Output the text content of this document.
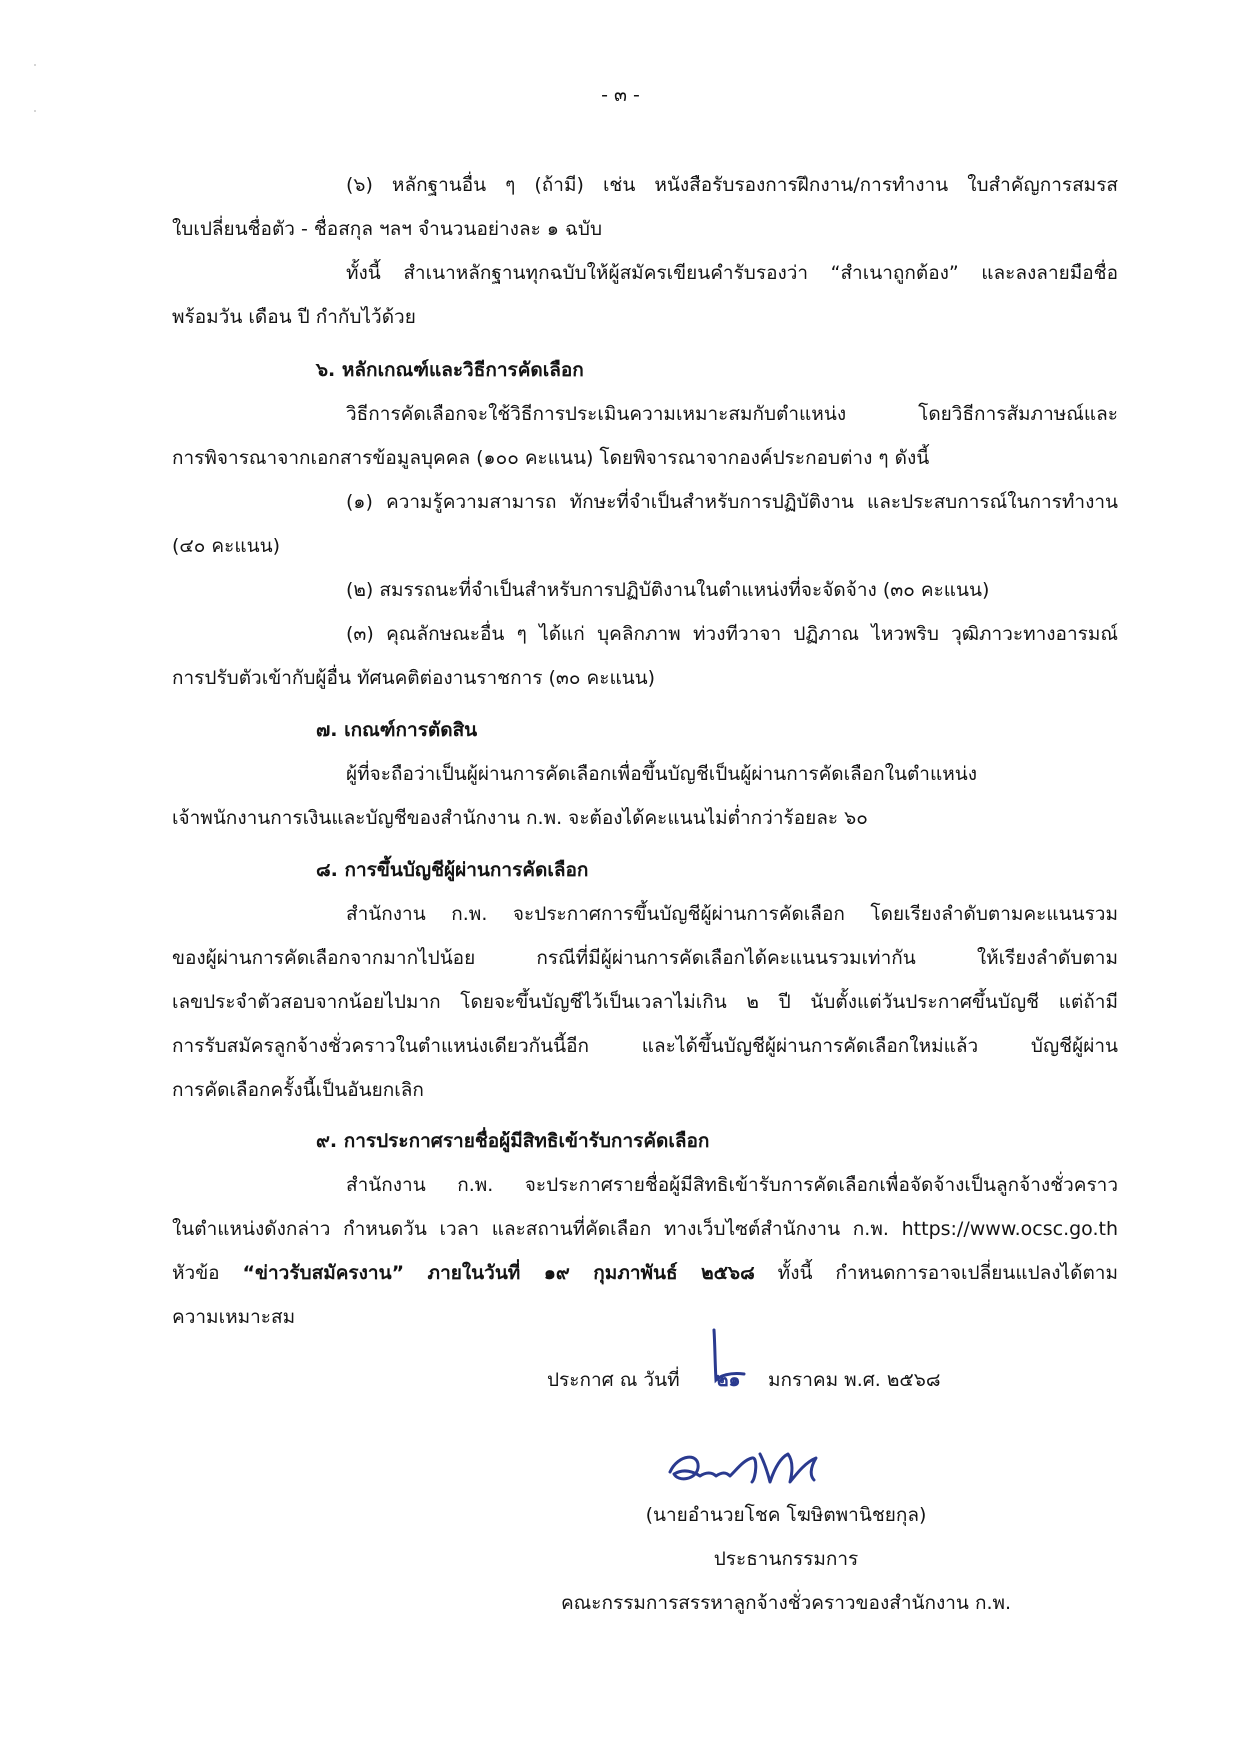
- ๓ -
(๖) หลักฐานอื่น ๆ (ถ้ามี) เช่น หนังสือรับรองการฝึกงาน/การทำงาน ใบสำคัญการสมรส
ใบเปลี่ยนชื่อตัว - ชื่อสกุล ฯลฯ จำนวนอย่างละ ๑ ฉบับ
ทั้งนี้ สำเนาหลักฐานทุกฉบับให้ผู้สมัครเขียนคำรับรองว่า “สำเนาถูกต้อง” และลงลายมือชื่อ
พร้อมวัน เดือน ปี กำกับไว้ด้วย
๖. หลักเกณฑ์และวิธีการคัดเลือก
วิธีการคัดเลือกจะใช้วิธีการประเมินความเหมาะสมกับตำแหน่ง โดยวิธีการสัมภาษณ์และ
การพิจารณาจากเอกสารข้อมูลบุคคล (๑๐๐ คะแนน) โดยพิจารณาจากองค์ประกอบต่าง ๆ ดังนี้
(๑) ความรู้ความสามารถ ทักษะที่จำเป็นสำหรับการปฏิบัติงาน และประสบการณ์ในการทำงาน
(๔๐ คะแนน)
(๒) สมรรถนะที่จำเป็นสำหรับการปฏิบัติงานในตำแหน่งที่จะจัดจ้าง (๓๐ คะแนน)
(๓) คุณลักษณะอื่น ๆ ได้แก่ บุคลิกภาพ ท่วงทีวาจา ปฏิภาณ ไหวพริบ วุฒิภาวะทางอารมณ์
การปรับตัวเข้ากับผู้อื่น ทัศนคติต่องานราชการ (๓๐ คะแนน)
๗. เกณฑ์การตัดสิน
ผู้ที่จะถือว่าเป็นผู้ผ่านการคัดเลือกเพื่อขึ้นบัญชีเป็นผู้ผ่านการคัดเลือกในตำแหน่ง
เจ้าพนักงานการเงินและบัญชีของสำนักงาน ก.พ. จะต้องได้คะแนนไม่ต่ำกว่าร้อยละ ๖๐
๘. การขึ้นบัญชีผู้ผ่านการคัดเลือก
สำนักงาน ก.พ. จะประกาศการขึ้นบัญชีผู้ผ่านการคัดเลือก โดยเรียงลำดับตามคะแนนรวม
ของผู้ผ่านการคัดเลือกจากมากไปน้อย กรณีที่มีผู้ผ่านการคัดเลือกได้คะแนนรวมเท่ากัน ให้เรียงลำดับตาม
เลขประจำตัวสอบจากน้อยไปมาก โดยจะขึ้นบัญชีไว้เป็นเวลาไม่เกิน ๒ ปี นับตั้งแต่วันประกาศขึ้นบัญชี แต่ถ้ามี
การรับสมัครลูกจ้างชั่วคราวในตำแหน่งเดียวกันนี้อีก และได้ขึ้นบัญชีผู้ผ่านการคัดเลือกใหม่แล้ว บัญชีผู้ผ่าน
การคัดเลือกครั้งนี้เป็นอันยกเลิก
๙. การประกาศรายชื่อผู้มีสิทธิเข้ารับการคัดเลือก
สำนักงาน ก.พ. จะประกาศรายชื่อผู้มีสิทธิเข้ารับการคัดเลือกเพื่อจัดจ้างเป็นลูกจ้างชั่วคราว
ในตำแหน่งดังกล่าว กำหนดวัน เวลา และสถานที่คัดเลือก ทางเว็บไซต์สำนักงาน ก.พ. https://www.ocsc.go.th
หัวข้อ “ข่าวรับสมัครงาน” ภายในวันที่ ๑๙ กุมภาพันธ์ ๒๕๖๘ ทั้งนี้ กำหนดการอาจเปลี่ยนแปลงได้ตาม
ความเหมาะสม
ประกาศ ณ วันที่ ๒๑ มกราคม พ.ศ. ๒๕๖๘
(นายอำนวยโชค โฆษิตพานิชยกุล)
ประธานกรรมการ
คณะกรรมการสรรหาลูกจ้างชั่วคราวของสำนักงาน ก.พ.
